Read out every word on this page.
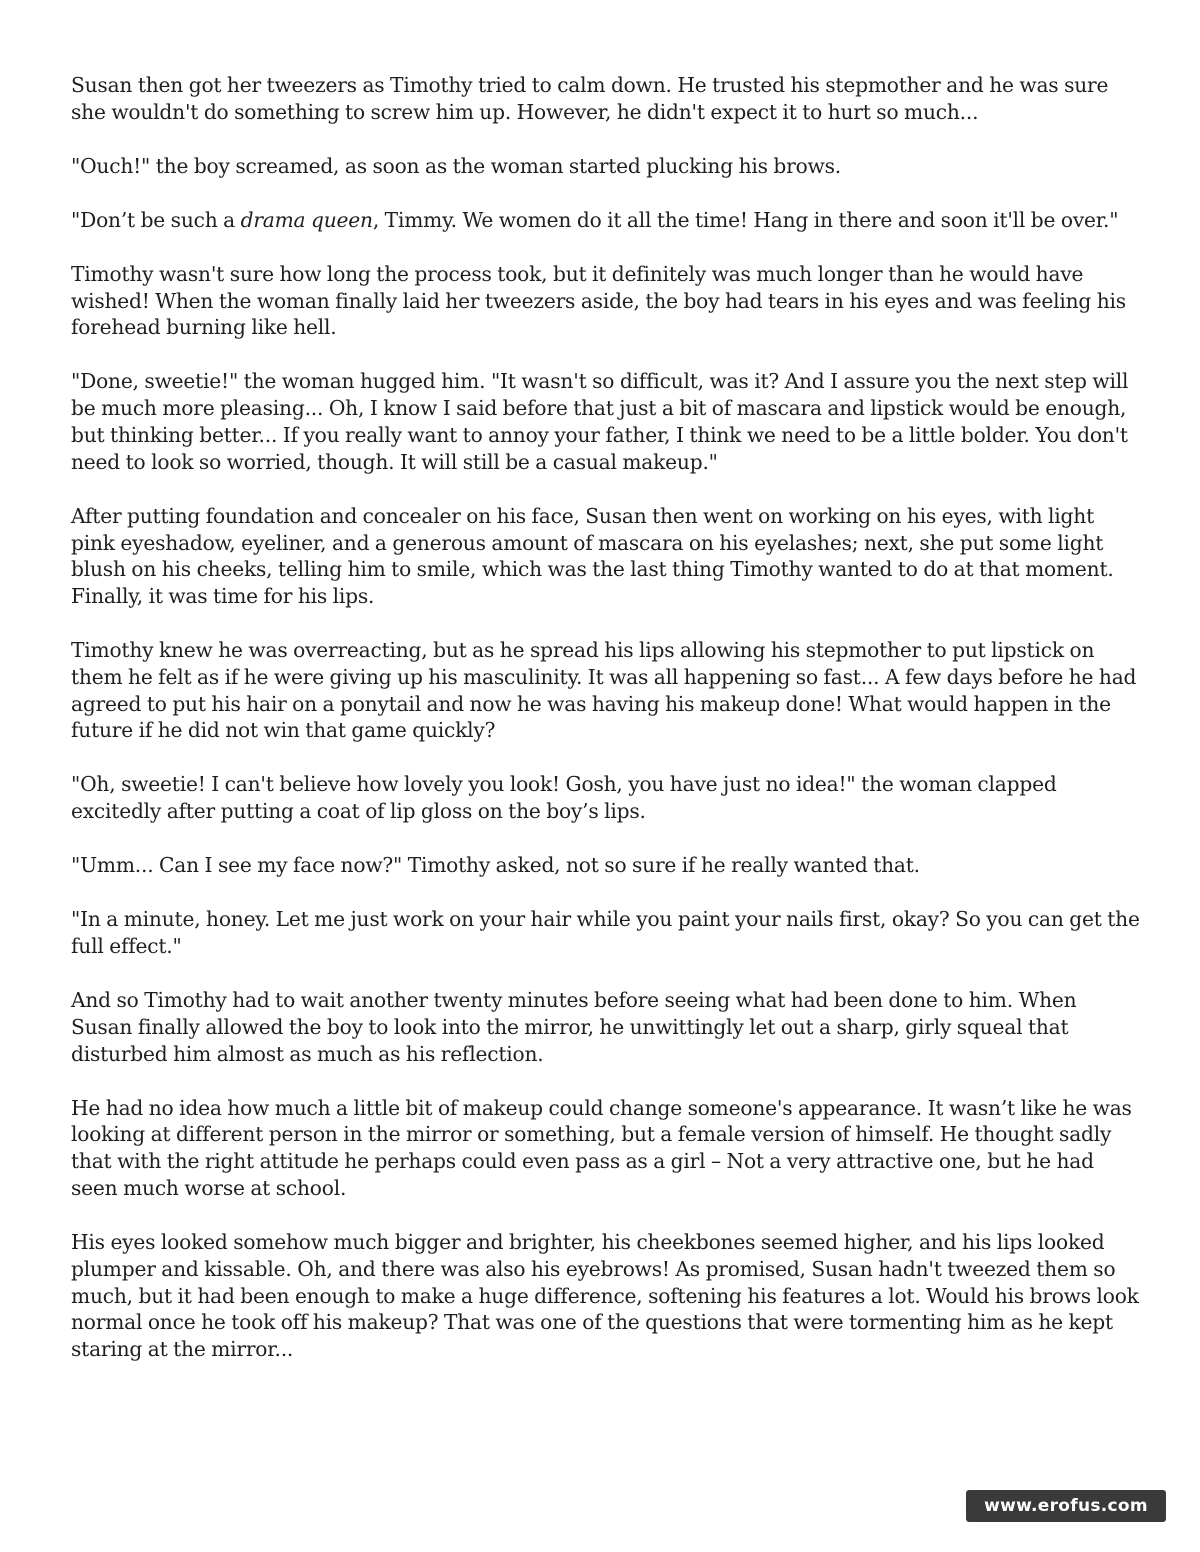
Susan then got her tweezers as Timothy tried to calm down. He trusted his stepmother and he was sure she wouldn't do something to screw him up. However, he didn't expect it to hurt so much...

"Ouch!" the boy screamed, as soon as the woman started plucking his brows.

"Don’t be such a drama queen, Timmy. We women do it all the time! Hang in there and soon it'll be over."

Timothy wasn't sure how long the process took, but it definitely was much longer than he would have wished! When the woman finally laid her tweezers aside, the boy had tears in his eyes and was feeling his forehead burning like hell.

"Done, sweetie!" the woman hugged him. "It wasn't so difficult, was it? And I assure you the next step will be much more pleasing... Oh, I know I said before that just a bit of mascara and lipstick would be enough, but thinking better... If you really want to annoy your father, I think we need to be a little bolder. You don't need to look so worried, though. It will still be a casual makeup."

After putting foundation and concealer on his face, Susan then went on working on his eyes, with light pink eyeshadow, eyeliner, and a generous amount of mascara on his eyelashes; next, she put some light blush on his cheeks, telling him to smile, which was the last thing Timothy wanted to do at that moment. Finally, it was time for his lips.

Timothy knew he was overreacting, but as he spread his lips allowing his stepmother to put lipstick on them he felt as if he were giving up his masculinity. It was all happening so fast... A few days before he had agreed to put his hair on a ponytail and now he was having his makeup done! What would happen in the future if he did not win that game quickly?

"Oh, sweetie! I can't believe how lovely you look! Gosh, you have just no idea!" the woman clapped excitedly after putting a coat of lip gloss on the boy’s lips.

"Umm... Can I see my face now?" Timothy asked, not so sure if he really wanted that.

"In a minute, honey. Let me just work on your hair while you paint your nails first, okay? So you can get the full effect."

And so Timothy had to wait another twenty minutes before seeing what had been done to him. When Susan finally allowed the boy to look into the mirror, he unwittingly let out a sharp, girly squeal that disturbed him almost as much as his reflection.

He had no idea how much a little bit of makeup could change someone's appearance. It wasn’t like he was looking at different person in the mirror or something, but a female version of himself. He thought sadly that with the right attitude he perhaps could even pass as a girl – Not a very attractive one, but he had seen much worse at school.

His eyes looked somehow much bigger and brighter, his cheekbones seemed higher, and his lips looked plumper and kissable. Oh, and there was also his eyebrows! As promised, Susan hadn't tweezed them so much, but it had been enough to make a huge difference, softening his features a lot. Would his brows look normal once he took off his makeup? That was one of the questions that were tormenting him as he kept staring at the mirror...

www.erofus.com
